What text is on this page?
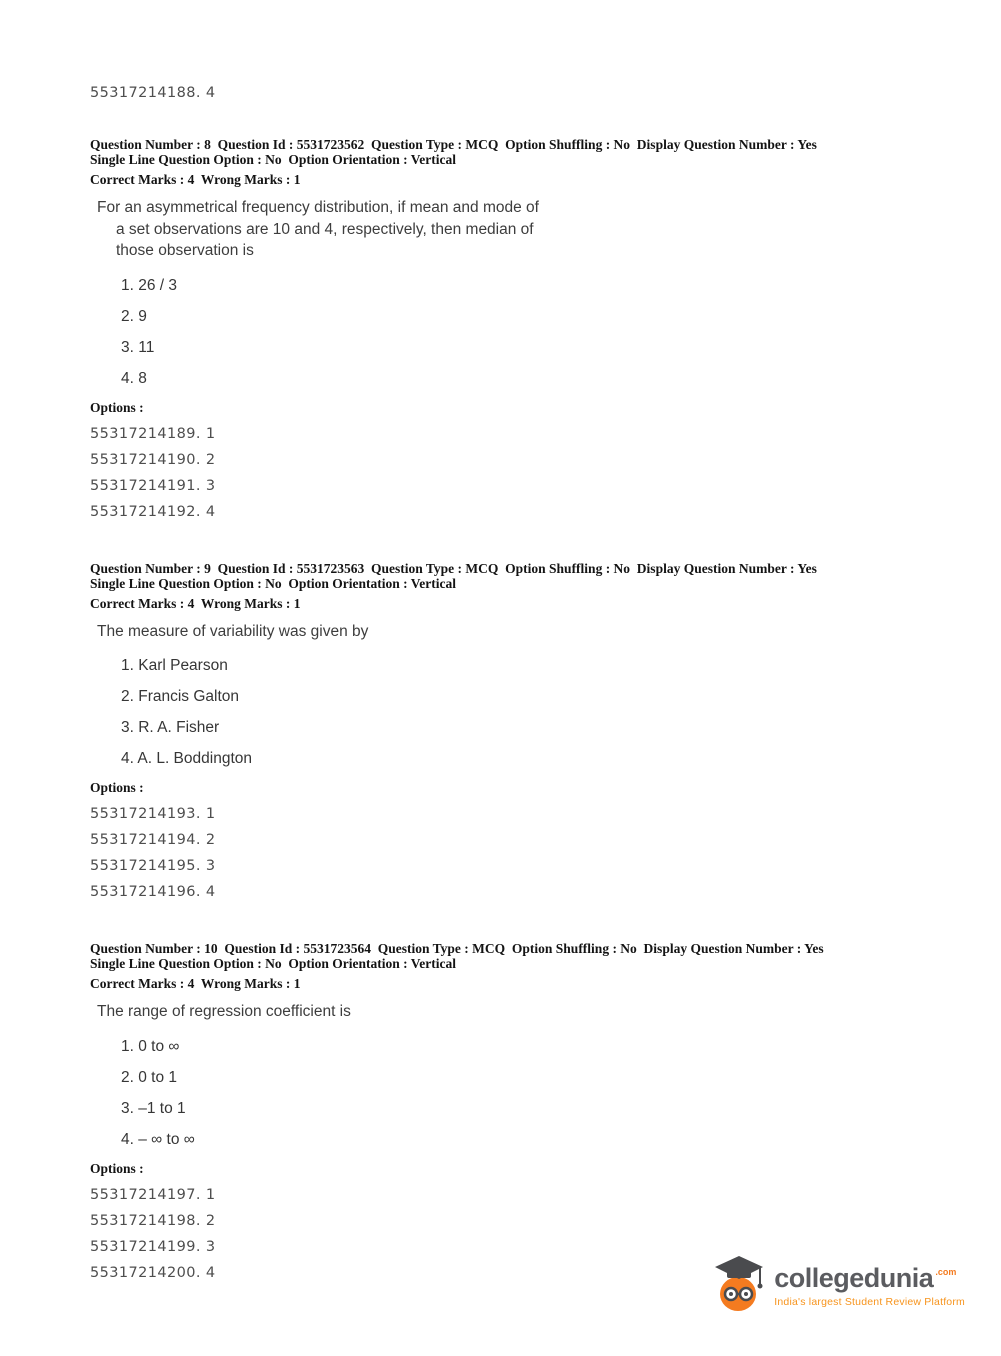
55317214188. 4
Question Number : 8  Question Id : 5531723562  Question Type : MCQ  Option Shuffling : No  Display Question Number : Yes
Single Line Question Option : No  Option Orientation : Vertical
Correct Marks : 4  Wrong Marks : 1
For an asymmetrical frequency distribution, if mean and mode of
a set observations are 10 and 4, respectively, then median of
those observation is
1. 26 / 3
2. 9
3. 11
4. 8
Options :
55317214189. 1
55317214190. 2
55317214191. 3
55317214192. 4
Question Number : 9  Question Id : 5531723563  Question Type : MCQ  Option Shuffling : No  Display Question Number : Yes
Single Line Question Option : No  Option Orientation : Vertical
Correct Marks : 4  Wrong Marks : 1
The measure of variability was given by
1. Karl Pearson
2. Francis Galton
3. R. A. Fisher
4. A. L. Boddington
Options :
55317214193. 1
55317214194. 2
55317214195. 3
55317214196. 4
Question Number : 10  Question Id : 5531723564  Question Type : MCQ  Option Shuffling : No  Display Question Number : Yes
Single Line Question Option : No  Option Orientation : Vertical
Correct Marks : 4  Wrong Marks : 1
The range of regression coefficient is
1. 0 to ∞
2. 0 to 1
3. –1 to 1
4. – ∞ to ∞
Options :
55317214197. 1
55317214198. 2
55317214199. 3
55317214200. 4	collegedunia .com
India's largest Student Review Platform
